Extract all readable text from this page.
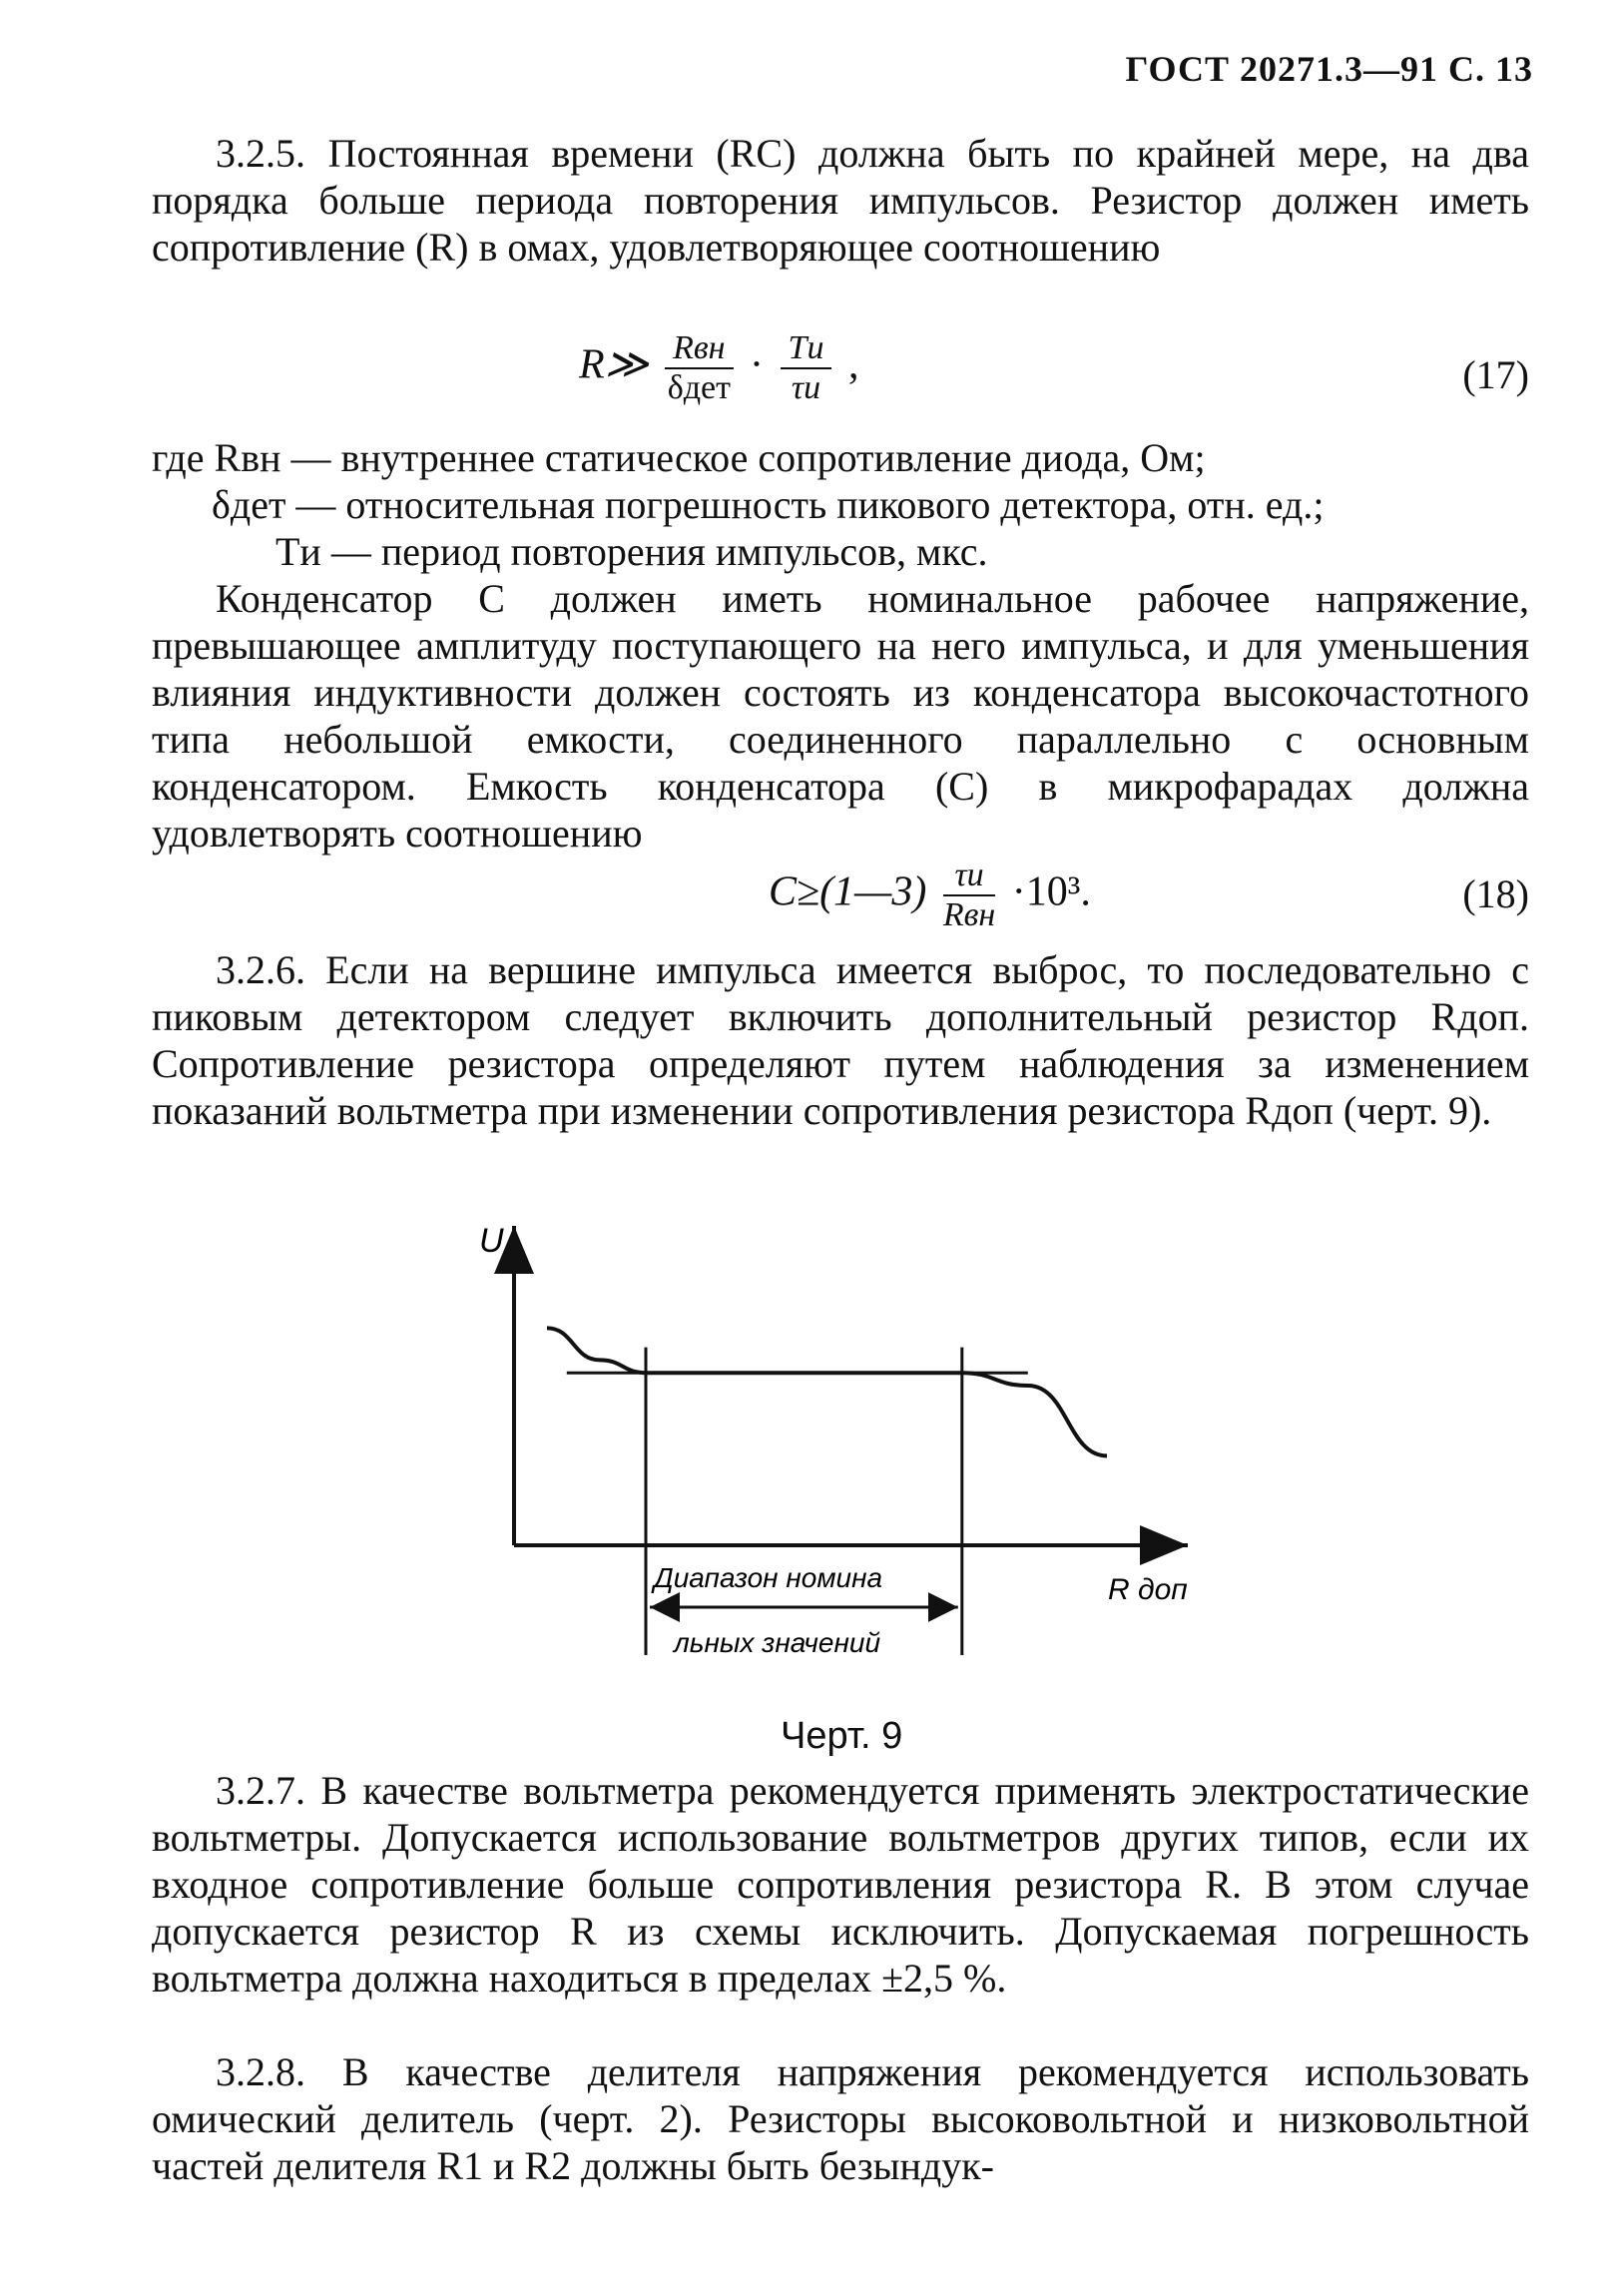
ГОСТ 20271.3—91 С. 13

3.2.5. Постоянная времени (RC) должна быть по крайней мере, на два порядка больше периода повторения импульсов. Резистор должен иметь сопротивление (R) в омах, удовлетворяющее соотношению

R≫ $\frac{\text{Rвн}}{\text{δдет}} \cdot \frac{Tи}{\tau и}$ ,	(17)
где Rвн — внутреннее статическое сопротивление диода, Ом;
δдет — относительная погрешность пикового детектора, отн. ед.;
Tи — период повторения импульсов, мкс.

Конденсатор С должен иметь номинальное рабочее напряжение, превышающее амплитуду поступающего на него импульса, и для уменьшения влияния индуктивности должен состоять из конденсатора высокочастотного типа небольшой емкости, соединенного параллельно с основным конденсатором. Емкость конденсатора (С) в микрофарадах должна удовлетворять соотношению

C≥(1—3) $\frac{\tau и}{\text{Rвн}} \cdot 10^3$.	(18)

3.2.6. Если на вершине импульса имеется выброс, то последовательно с пиковым детектором следует включить дополнительный резистор Rдоп. Сопротивление резистора определяют путем наблюдения за изменением показаний вольтметра при изменении сопротивления резистора Rдоп (черт. 9).

U
R доп
Диапазон номина
льных значений
Черт. 9

3.2.7. В качестве вольтметра рекомендуется применять электростатические вольтметры. Допускается использование вольтметров других типов, если их входное сопротивление больше сопротивления резистора R. В этом случае допускается резистор R из схемы исключить. Допускаемая погрешность вольтметра должна находиться в пределах ±2,5 %.

3.2.8. В качестве делителя напряжения рекомендуется использовать омический делитель (черт. 2). Резисторы высоковольтной и низковольтной частей делителя R1 и R2 должны быть безындук-
